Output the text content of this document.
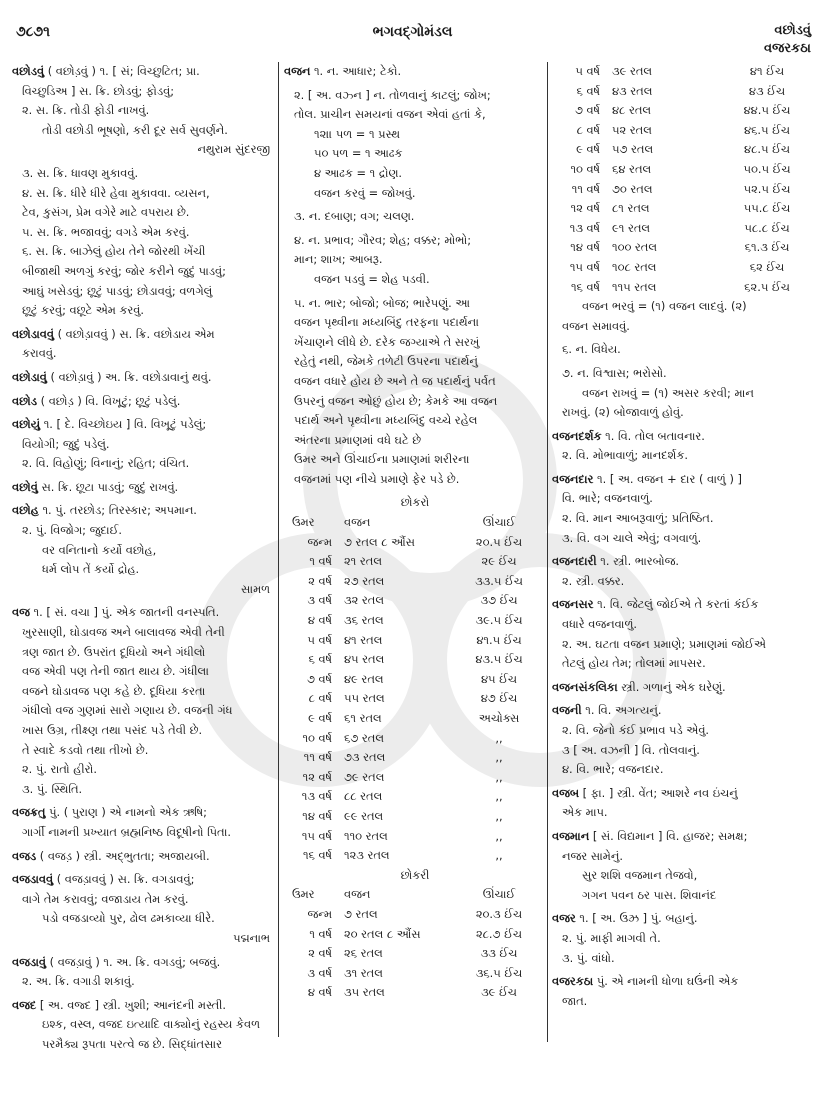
૭૮૭૧	ભગવદ્ગોમંડલ	વછોડવું
વજરકઠા
વછોડવું ( વછોડ઼વું ) ૧. [ સં; વિચ્છુટિત; પ્રા.
વિચ્છુડિઅ ] સ. ક્રિ. છોડવું; ફોડવું;
૨. સ. ક્રિ. તોડી ફોડી નાખવું.
તોડી વછોડી ભૂષણો, કરી દૂર સર્વ સુવર્ણને.
નથુરામ સુંદરજી
૩. સ. ક્રિ. ધાવણ મુકાવવું.
૪. સ. ક્રિ. ધીરે ધીરે હેવા મુકાવવા. વ્યસન,
ટેવ, કુસંગ, પ્રેમ વગેરે માટે વપરાય છે.
૫. સ. ક્રિ. ભજાવવું; વગડે એમ કરવું.
૬. સ. ક્રિ. બાઝેલું હોય તેને જોરથી ખેંચી
બીજાથી અળગું કરવું; જોર કરીને જુદું પાડવું;
આઘું ખસેડવું; છૂટું પાડવું; છોડાવવું; વળગેલું
છૂટું કરવું; વછૂટે એમ કરવું.
વછોડાવવું ( વછોડ઼ાવવું ) સ. ક્રિ. વછોડાય એમ
કરાવવું.
વછોડાવું ( વછોડ઼ાવું ) અ. ક્રિ. વછોડાવાનું થવું.
વછોડ ( વછોડ઼ ) વિ. વિખૂટું; છૂટું પડેલું.
વછોયું ૧. [ દે. વિચ્છોઇય ] વિ. વિખૂટું પડેલું;
વિયોગી; જુદું પડેલું.
૨. વિ. વિહોણું; વિનાનું; રહિત; વંચિત.
વછોવું સ. ક્રિ. છૂટા પાડવું; જુદું રાખવું.
વછોહ ૧. પું. તરછોડ; તિરસ્કાર; અપમાન.
૨. પું. વિજોગ; જુદાઈ.
વર વનિતાનો કર્યો વછોહ,
ધર્મ લોપ તેં કર્યો દ્રોહ.
સામળ
વજ ૧. [ સં. વચા ] પું. એક જાતની વનસ્પતિ.
ખુરસાણી, ઘોડાવજ અને બાલાવજ એવી તેની
ત્રણ જાત છે. ઉપરાંત દૂધિયો અને ગંધીલો
વજ એવી પણ તેની જાત થાય છે. ગંધીલા
વજને ઘોડાવજ પણ કહે છે. દૂધિયા કરતા
ગંધીલો વજ ગુણમાં સારો ગણાય છે. વજની ગંધ
ખાસ ઉગ્ર, તીક્ષ્ણ તથા પસંદ પડે તેવી છે.
તે સ્વાદે કડવો તથા તીખો છે.
૨. પું. રાતો હીરો.
૩. પું. સ્થિતિ.
વજક્રતુ પું. ( પુરાણ ) એ નામનો એક ઋષિ;
ગાર્ગી નામની પ્રખ્યાત બ્રહ્મનિષ્ઠ વિદૂષીનો પિતા.
વજડ ( વજડ઼ ) સ્ત્રી. અદ્ભુતતા; અજાયબી.
વજડાવવું ( વજડ઼ાવવું ) સ. ક્રિ. વગડાવવું;
વાગે તેમ કરાવવું; વજાડાય તેમ કરવું.
પડો વજડાવ્યો પુર, ઢોલ ઢમકાવ્યા ધીરે.
પદ્મનાભ
વજડાવું ( વજડ઼ાવું ) ૧. અ. ક્રિ. વગડવું; બજવું.
૨. અ. ક્રિ. વગાડી શકાવું.
વજદ [ અ. વજ્દ ] સ્ત્રી. ખુશી; આનંદની મસ્તી.
ઇશ્ક, વસ્લ, વજદ ઇત્યાદિ વાક્યોનું રહસ્ય કેવળ
પરમૈક્ય રૂપતા પરત્વે જ છે. સિદ્ધાંતસાર
વજન ૧. ન. આધાર; ટેકો.
૨. [ અ. વઝ્ન ] ન. તોળવાનું કાટલું; જોખ;
તોલ. પ્રાચીન સમયનાં વજન એવાં હતાં કે,
૧૨॥ પળ = ૧ પ્રસ્થ
૫૦ પળ = ૧ આઢક
૪ આઢક = ૧ દ્રોણ.
વજન કરવું = જોખવું.
૩. ન. દબાણ; વગ; ચલણ.
૪. ન. પ્રભાવ; ગૌરવ; શેહ; વક્કર; મોભો;
માન; શાખ; આબરૂ.
વજન પડવું = શેહ પડવી.
૫. ન. ભાર; બોજો; બોજ; ભારેપણું. આ
વજન પૃથ્વીના મધ્યબિંદુ તરફના પદાર્થના
ખેંચાણને લીધે છે. દરેક જગ્યાએ તે સરખું
રહેતું નથી, જેમકે તળેટી ઉપરના પદાર્થનું
વજન વધારે હોય છે અને તે જ પદાર્થનું પર્વત
ઉપરનું વજન ઓછું હોય છે; કેમકે આ વજન
પદાર્થ અને પૃથ્વીના મધ્યબિંદુ વચ્ચે રહેલ
અંતરના પ્રમાણમાં વધે ઘટે છે
ઉમર અને ઊંચાઈના પ્રમાણમાં શરીરના
વજનમાં પણ નીચે પ્રમાણે ફેર પડે છે.
છોકરો
ઉમર	વજન	ઊંચાઈ
જન્મ	૭ રતલ ૮ ઔંસ	૨૦.૫ ઈંચ
૧ વર્ષ	૨૧ રતલ	૨૯ ઈંચ
૨ વર્ષ	૨૭ રતલ	૩૩.૫ ઈંચ
૩ વર્ષ	૩૨ રતલ	૩૭ ઈંચ
૪ વર્ષ	૩૬ રતલ	૩૯.૫ ઈંચ
૫ વર્ષ	૪૧ રતલ	૪૧.૫ ઈંચ
૬ વર્ષ	૪૫ રતલ	૪૩.૫ ઈંચ
૭ વર્ષ	૪૯ રતલ	૪૫ ઈંચ
૮ વર્ષ	૫૫ રતલ	૪૭ ઈંચ
૯ વર્ષ	૬૧ રતલ	અચોક્સ
૧૦ વર્ષ	૬૭ રતલ	,,
૧૧ વર્ષ	૭૩ રતલ	,,
૧૨ વર્ષ	૭૯ રતલ	,,
૧૩ વર્ષ	૮૮ રતલ	,,
૧૪ વર્ષ	૯૯ રતલ	,,
૧૫ વર્ષ	૧૧૦ રતલ	,,
૧૬ વર્ષ	૧૨૩ રતલ	,,
છોકરી
ઉમર	વજન	ઊંચાઈ
જન્મ	૭ રતલ	૨૦.૩ ઈંચ
૧ વર્ષ	૨૦ રતલ ૮ ઔંસ	૨૮.૭ ઈંચ
૨ વર્ષ	૨૬ રતલ	૩૩ ઈંચ
૩ વર્ષ	૩૧ રતલ	૩૬.૫ ઈંચ
૪ વર્ષ	૩૫ રતલ	૩૯ ઈંચ
૫ વર્ષ	૩૯ રતલ	૪૧ ઈંચ
૬ વર્ષ	૪૩ રતલ	૪૩ ઈંચ
૭ વર્ષ	૪૮ રતલ	૪૪.૫ ઈંચ
૮ વર્ષ	૫૨ રતલ	૪૬.૫ ઈંચ
૯ વર્ષ	૫૭ રતલ	૪૮.૫ ઈંચ
૧૦ વર્ષ	૬૪ રતલ	૫૦.૫ ઈંચ
૧૧ વર્ષ	૭૦ રતલ	૫૨.૫ ઈંચ
૧૨ વર્ષ	૮૧ રતલ	૫૫.૮ ઈંચ
૧૩ વર્ષ	૯૧ રતલ	૫૮.૮ ઈંચ
૧૪ વર્ષ	૧૦૦ રતલ	૬૧.૩ ઈંચ
૧૫ વર્ષ	૧૦૮ રતલ	૬૨ ઈંચ
૧૬ વર્ષ	૧૧૫ રતલ	૬૨.૫ ઈંચ
વજન ભરવું = (૧) વજન લાદવું. (૨)
વજન સમાવવું.
૬. ન. વિધેય.
૭. ન. વિશ્વાસ; ભરોસો.
વજન રાખવું = (૧) અસર કરવી; માન
રાખવું. (૨) બોજાવાળું હોવું.
વજનદર્શક ૧. વિ. તોલ બતાવનાર.
૨. વિ. મોભાવાળું; માનદર્શક.
વજનદાર ૧. [ અ. વજન + દાર ( વાળું ) ]
વિ. ભારે; વજનવાળું.
૨. વિ. માન આબરૂવાળું; પ્રતિષ્ઠિત.
૩. વિ. વગ ચાલે એવું; વગવાળું.
વજનદારી ૧. સ્ત્રી. ભારબોજ.
૨. સ્ત્રી. વક્કર.
વજનસર ૧. વિ. જેટલું જોઈએ તે કરતાં કંઈક
વધારે વજનવાળું.
૨. અ. ઘટતા વજન પ્રમાણે; પ્રમાણમાં જોઈએ
તેટલું હોય તેમ; તોલમાં માપસર.
વજનસંકલિકા સ્ત્રી. ગળાનું એક ઘરેણું.
વજની ૧. વિ. અગત્યનું.
૨. વિ. જેનો કંઈ પ્રભાવ પડે એવું.
૩ [ અ. વઝની ] વિ. તોલવાનું.
૪. વિ. ભારે; વજનદાર.
વજબ [ ફા. ] સ્ત્રી. વેંત; આશરે નવ ઇંચનું
એક માપ.
વજમાન [ સં. વિદ્યમાન ] વિ. હાજર; સમક્ષ;
નજર સામેનું.
સુર શશિ વજમાન તેજવો,
ગગન પવન ઠર પાસ. શિવાનંદ
વજર ૧. [ અ. ઉઝ્ર ] પું. બહાનું.
૨. પું. માફી માગવી તે.
૩. પું. વાંધો.
વજરકઠા પું. એ નામની ધોળા ઘઉંની એક
જાત.
